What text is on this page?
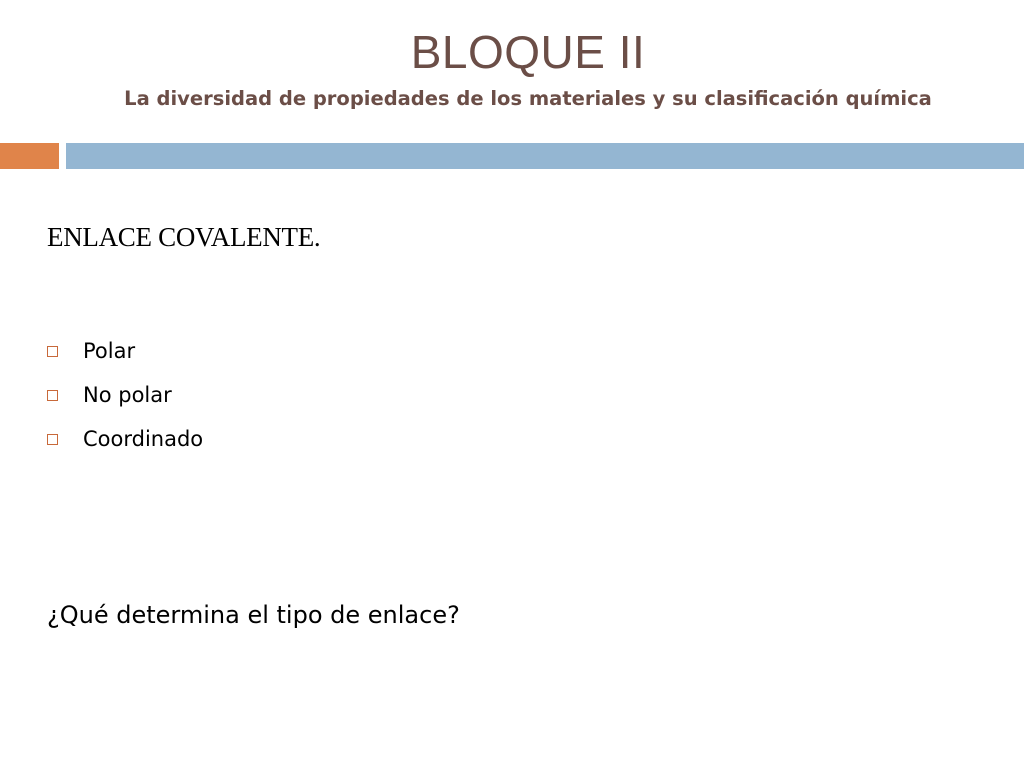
BLOQUE II
La diversidad de propiedades de los materiales y su clasificación química
ENLACE COVALENTE.
Polar
No polar
Coordinado
¿Qué determina el tipo de enlace?
